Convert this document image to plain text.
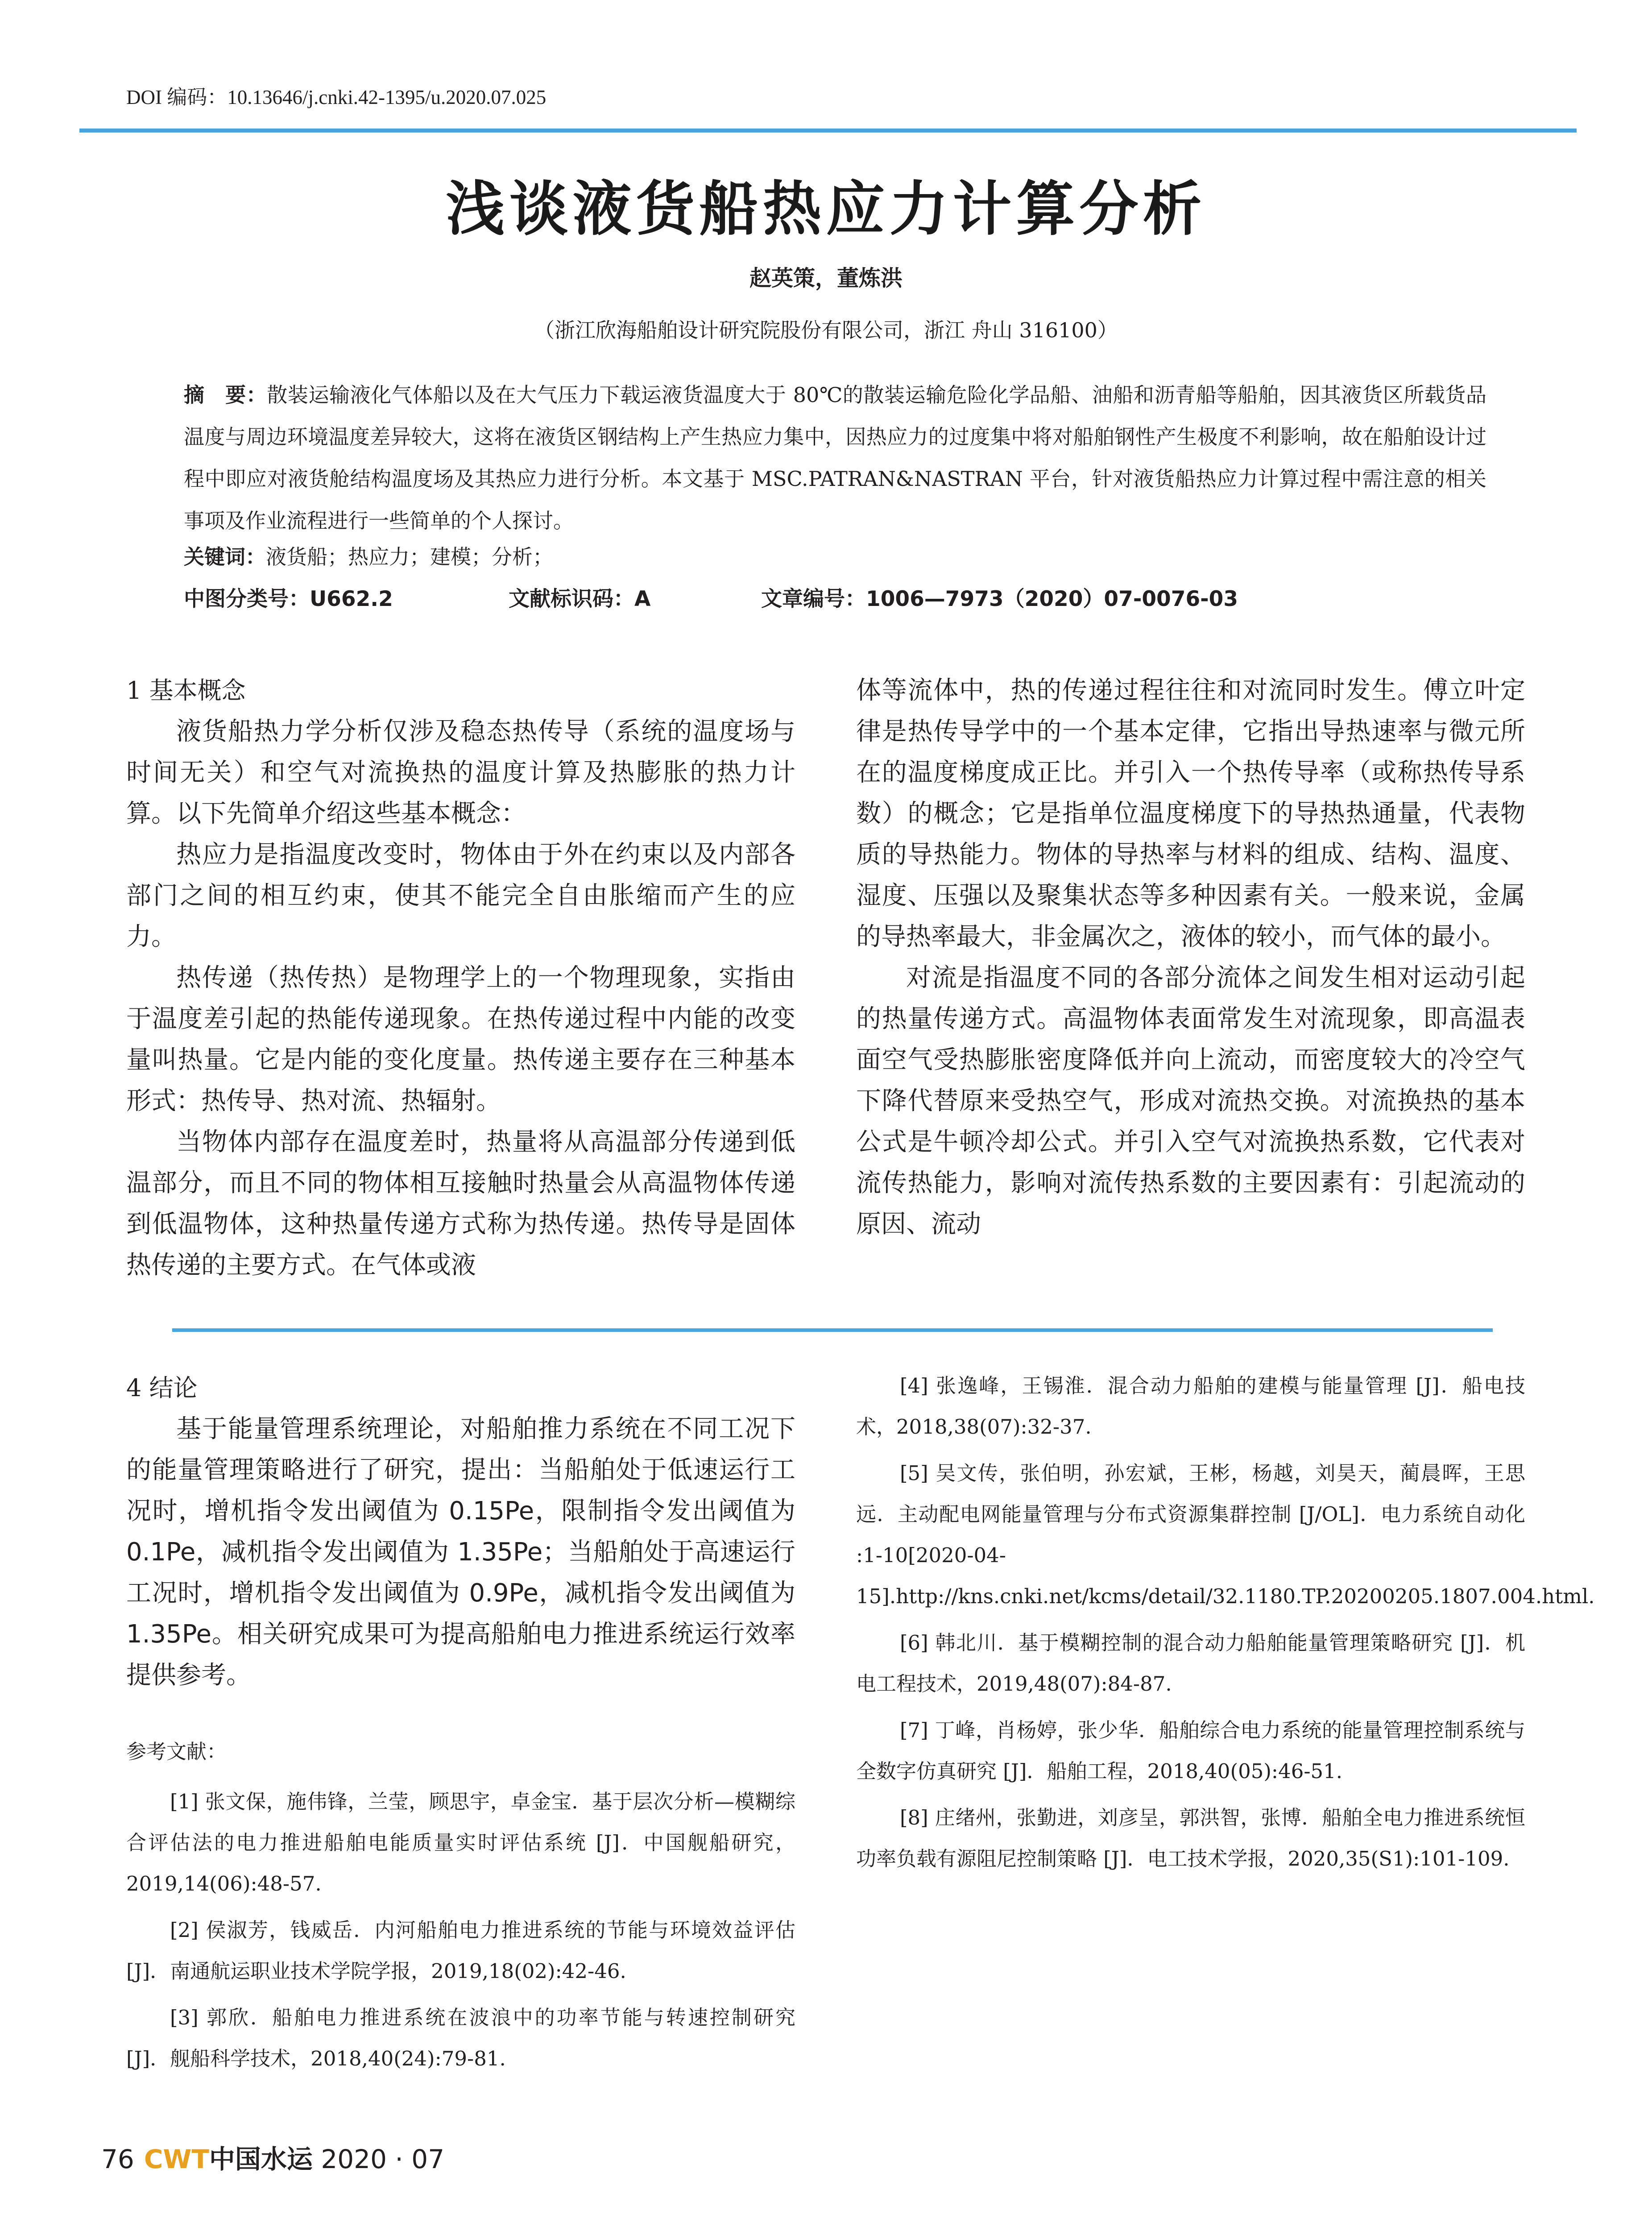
DOI 编码：10.13646/j.cnki.42-1395/u.2020.07.025
浅谈液货船热应力计算分析
赵英策，董炼洪
（浙江欣海船舶设计研究院股份有限公司，浙江 舟山 316100）
摘　要：散装运输液化气体船以及在大气压力下载运液货温度大于 80℃的散装运输危险化学品船、油船和沥青船等船舶，因其液货区所载货品温度与周边环境温度差异较大，这将在液货区钢结构上产生热应力集中，因热应力的过度集中将对船舶钢性产生极度不利影响，故在船舶设计过程中即应对液货舱结构温度场及其热应力进行分析。本文基于 MSC.PATRAN&NASTRAN 平台，针对液货船热应力计算过程中需注意的相关事项及作业流程进行一些简单的个人探讨。
关键词：液货船；热应力；建模；分析；
中图分类号：U662.2	文献标识码：A	文章编号：1006—7973（2020）07-0076-03

1 基本概念

液货船热力学分析仅涉及稳态热传导（系统的温度场与时间无关）和空气对流换热的温度计算及热膨胀的热力计算。以下先简单介绍这些基本概念：

热应力是指温度改变时，物体由于外在约束以及内部各部门之间的相互约束，使其不能完全自由胀缩而产生的应力。

热传递（热传热）是物理学上的一个物理现象，实指由于温度差引起的热能传递现象。在热传递过程中内能的改变量叫热量。它是内能的变化度量。热传递主要存在三种基本形式：热传导、热对流、热辐射。

当物体内部存在温度差时，热量将从高温部分传递到低温部分，而且不同的物体相互接触时热量会从高温物体传递到低温物体，这种热量传递方式称为热传递。热传导是固体热传递的主要方式。在气体或液

体等流体中，热的传递过程往往和对流同时发生。傅立叶定律是热传导学中的一个基本定律，它指出导热速率与微元所在的温度梯度成正比。并引入一个热传导率（或称热传导系数）的概念；它是指单位温度梯度下的导热热通量，代表物质的导热能力。物体的导热率与材料的组成、结构、温度、湿度、压强以及聚集状态等多种因素有关。一般来说，金属的导热率最大，非金属次之，液体的较小，而气体的最小。

对流是指温度不同的各部分流体之间发生相对运动引起的热量传递方式。高温物体表面常发生对流现象，即高温表面空气受热膨胀密度降低并向上流动，而密度较大的冷空气下降代替原来受热空气，形成对流热交换。对流换热的基本公式是牛顿冷却公式。并引入空气对流换热系数，它代表对流传热能力，影响对流传热系数的主要因素有：引起流动的原因、流动

4 结论

基于能量管理系统理论，对船舶推力系统在不同工况下的能量管理策略进行了研究，提出：当船舶处于低速运行工况时，增机指令发出阈值为 0.15Pe，限制指令发出阈值为 0.1Pe，减机指令发出阈值为 1.35Pe；当船舶处于高速运行工况时，增机指令发出阈值为 0.9Pe，减机指令发出阈值为 1.35Pe。相关研究成果可为提高船舶电力推进系统运行效率提供参考。

参考文献：

[1] 张文保，施伟锋，兰莹，顾思宇，卓金宝．基于层次分析—模糊综合评估法的电力推进船舶电能质量实时评估系统 [J]．中国舰船研究，2019,14(06):48-57.

[2] 侯淑芳，钱威岳．内河船舶电力推进系统的节能与环境效益评估 [J]．南通航运职业技术学院学报，2019,18(02):42-46.

[3] 郭欣．船舶电力推进系统在波浪中的功率节能与转速控制研究 [J]．舰船科学技术，2018,40(24):79-81.

[4] 张逸峰，王锡淮．混合动力船舶的建模与能量管理 [J]．船电技术，2018,38(07):32-37.

[5] 吴文传，张伯明，孙宏斌，王彬，杨越，刘昊天，蔺晨晖，王思远．主动配电网能量管理与分布式资源集群控制 [J/OL]．电力系统自动化 :1-10[2020-04-15].http://kns.cnki.net/kcms/detail/32.1180.TP.20200205.1807.004.html.

[6] 韩北川．基于模糊控制的混合动力船舶能量管理策略研究 [J]．机电工程技术，2019,48(07):84-87.

[7] 丁峰，肖杨婷，张少华．船舶综合电力系统的能量管理控制系统与全数字仿真研究 [J]．船舶工程，2018,40(05):46-51.

[8] 庄绪州，张勤进，刘彦呈，郭洪智，张博．船舶全电力推进系统恒功率负载有源阻尼控制策略 [J]．电工技术学报，2020,35(S1):101-109.

76 CWT中国水运 2020 · 07
